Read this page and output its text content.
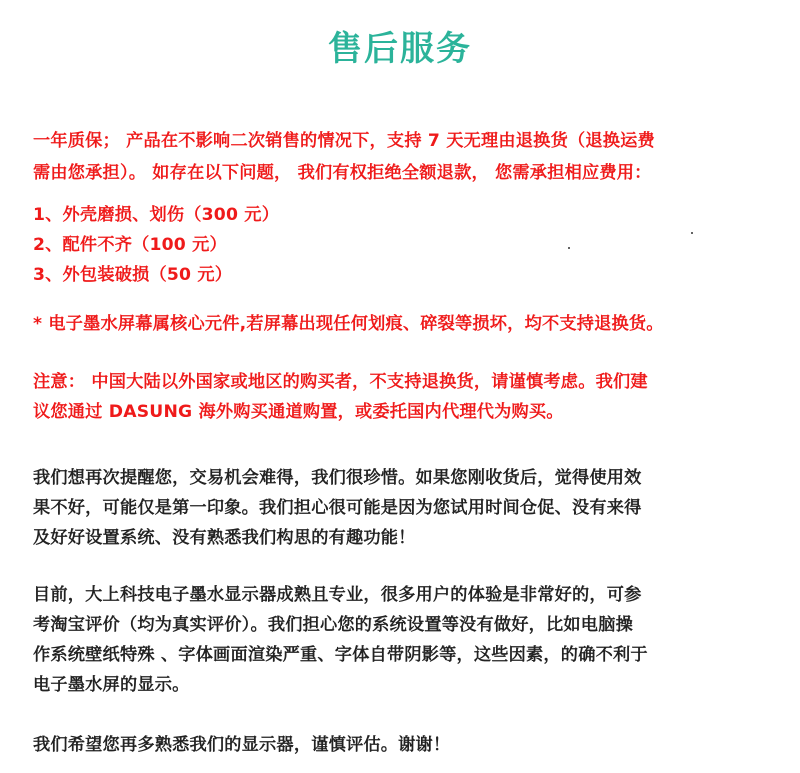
售后服务
一年质保； 产品在不影响二次销售的情况下，支持 7 天无理由退换货（退换运费
需由您承担）。 如存在以下问题， 我们有权拒绝全额退款， 您需承担相应费用：
1、外壳磨损、划伤（300 元）
2、配件不齐（100 元）
3、外包装破损（50 元）
* 电子墨水屏幕属核心元件,若屏幕出现任何划痕、碎裂等损坏，均不支持退换货。
注意： 中国大陆以外国家或地区的购买者，不支持退换货，请谨慎考虑。我们建
议您通过 DASUNG 海外购买通道购置，或委托国内代理代为购买。
我们想再次提醒您，交易机会难得，我们很珍惜。如果您刚收货后，觉得使用效
果不好，可能仅是第一印象。我们担心很可能是因为您试用时间仓促、没有来得
及好好设置系统、没有熟悉我们构思的有趣功能！
目前，大上科技电子墨水显示器成熟且专业，很多用户的体验是非常好的，可参
考淘宝评价（均为真实评价）。我们担心您的系统设置等没有做好，比如电脑操
作系统壁纸特殊 、字体画面渲染严重、字体自带阴影等，这些因素，的确不利于
电子墨水屏的显示。
我们希望您再多熟悉我们的显示器，谨慎评估。谢谢！
